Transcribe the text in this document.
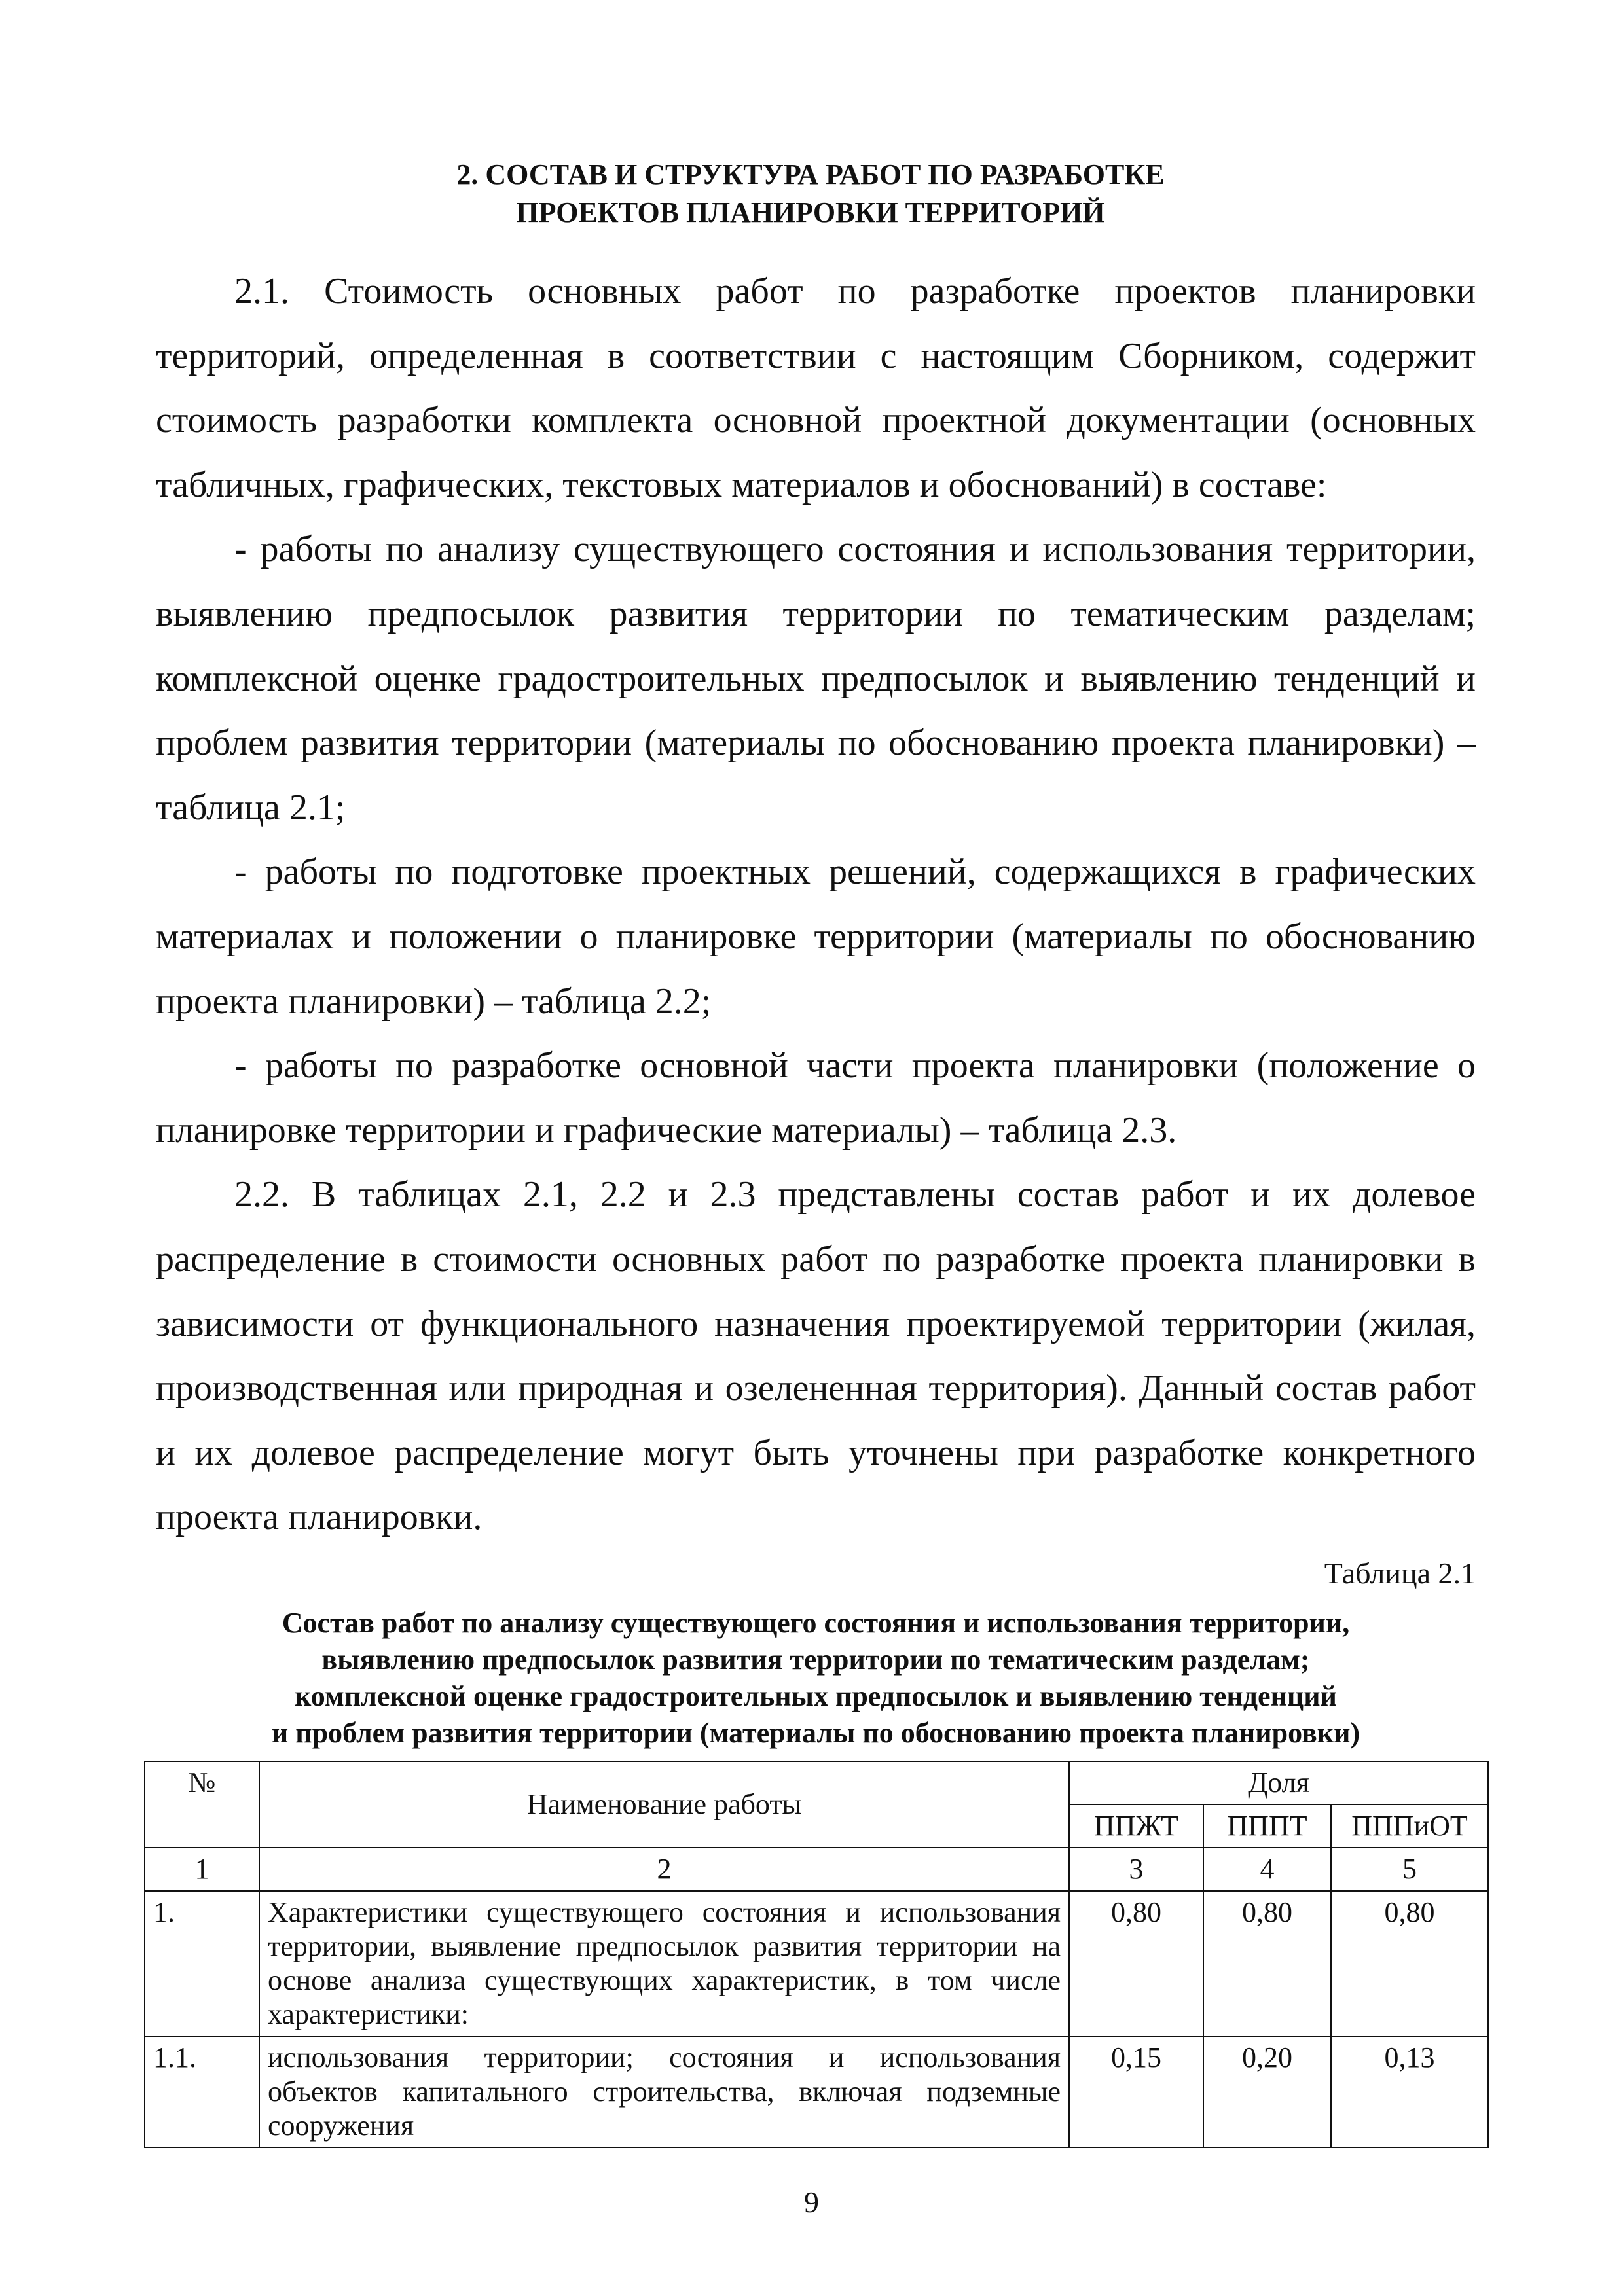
2. СОСТАВ И СТРУКТУРА РАБОТ ПО РАЗРАБОТКЕ
ПРОЕКТОВ ПЛАНИРОВКИ ТЕРРИТОРИЙ

2.1. Стоимость основных работ по разработке проектов планировки территорий, определенная в соответствии с настоящим Сборником, содержит стоимость разработки комплекта основной проектной документации (основных табличных, графических, текстовых материалов и обоснований) в составе:

- работы по анализу существующего состояния и использования территории, выявлению предпосылок развития территории по тематическим разделам; комплексной оценке градостроительных предпосылок и выявлению тенденций и проблем развития территории (материалы по обоснованию проекта планировки) – таблица 2.1;

- работы по подготовке проектных решений, содержащихся в графических материалах и положении о планировке территории (материалы по обоснованию проекта планировки) – таблица 2.2;

- работы по разработке основной части проекта планировки (положение о планировке территории и графические материалы) – таблица 2.3.

2.2. В таблицах 2.1, 2.2 и 2.3 представлены состав работ и их долевое распределение в стоимости основных работ по разработке проекта планировки в зависимости от функционального назначения проектируемой территории (жилая, производственная или природная и озелененная территория). Данный состав работ и их долевое распределение могут быть уточнены при разработке конкретного проекта планировки.

Таблица 2.1
Состав работ по анализу существующего состояния и использования территории,
выявлению предпосылок развития территории по тематическим разделам;
комплексной оценке градостроительных предпосылок и выявлению тенденций
и проблем развития территории (материалы по обоснованию проекта планировки)
№	Наименование работы	Доля		
		ППЖТ	ПППТ	ПППиОТ
1	2	3	4	5
1.	Характеристики существующего состояния и использования территории, выявление предпосылок развития территории на основе анализа существующих характеристик, в том числе характеристики:	0,80	0,80	0,80
1.1.	использования территории; состояния и использования объектов капитального строительства, включая подземные сооружения	0,15	0,20	0,13
9
